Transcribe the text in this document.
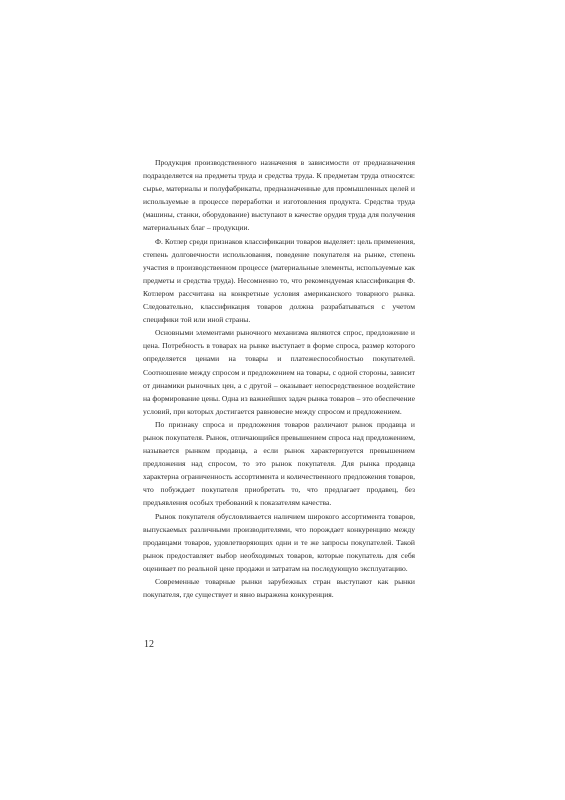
Продукция производственного назначения в зависимости от предназначения подразделяется на предметы труда и средства труда. К предметам труда относятся: сырье, материалы и полуфабрикаты, предназначенные для промышленных целей и используемые в процессе переработки и изготовления продукта. Средства труда (машины, станки, оборудование) выступают в качестве орудия труда для получения материальных благ – продукции.

Ф. Котлер среди признаков классификации товаров выделяет: цель применения, степень долговечности использования, поведение покупателя на рынке, степень участия в производственном процессе (материальные элементы, используемые как предметы и средства труда). Несомненно то, что рекомендуемая классификация Ф. Котлером рассчитана на конкретные условия американского товарного рынка. Следовательно, классификация товаров должна разрабатываться с учетом специфики той или иной страны.

Основными элементами рыночного механизма являются спрос, предложение и цена. Потребность в товарах на рынке выступает в форме спроса, размер которого определяется ценами на товары и платежеспособностью покупателей. Соотношение между спросом и предложением на товары, с одной стороны, зависит от динамики рыночных цен, а с другой – оказывает непосредственное воздействие на формирование цены. Одна из важнейших задач рынка товаров – это обеспечение условий, при которых достигается равновесие между спросом и предложением.

По признаку спроса и предложения товаров различают рынок продавца и рынок покупателя. Рынок, отличающийся превышением спроса над предложением, называется рынком продавца, а если рынок характеризуется превышением предложения над спросом, то это рынок покупателя. Для рынка продавца характерна ограниченность ассортимента и количественного предложения товаров, что побуждает покупателя приобретать то, что предлагает продавец, без предъявления особых требований к показателям качества.

Рынок покупателя обусловливается наличием широкого ассортимента товаров, выпускаемых различными производителями, что порождает конкуренцию между продавцами товаров, удовлетворяющих одни и те же запросы покупателей. Такой рынок предоставляет выбор необходимых товаров, которые покупатель для себя оценивает по реальной цене продажи и затратам на последующую эксплуатацию.

Современные товарные рынки зарубежных стран выступают как рынки покупателя, где существует и явно выражена конкуренция.

12
